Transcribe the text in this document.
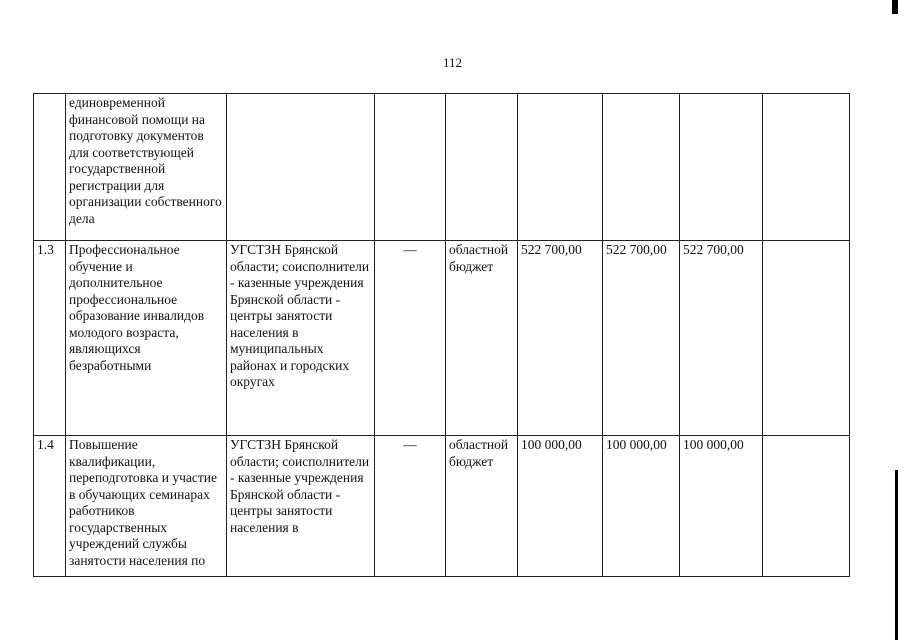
112
	единовременной финансовой помощи на подготовку документов для соответствующей государственной регистрации для организации собственного дела							
1.3	Профессиональное обучение и дополнительное профессиональное образование инвалидов молодого возраста, являющихся безработными	УГСТЗН Брянской области; соисполнители - казенные учреждения Брянской области - центры занятости населения в муниципальных районах и городских округах	—	областной бюджет	522 700,00	522 700,00	522 700,00	
1.4	Повышение квалификации, переподготовка и участие в обучающих семинарах работников государственных учреждений службы занятости населения по	УГСТЗН Брянской области; соисполнители - казенные учреждения Брянской области - центры занятости населения в	—	областной бюджет	100 000,00	100 000,00	100 000,00	
